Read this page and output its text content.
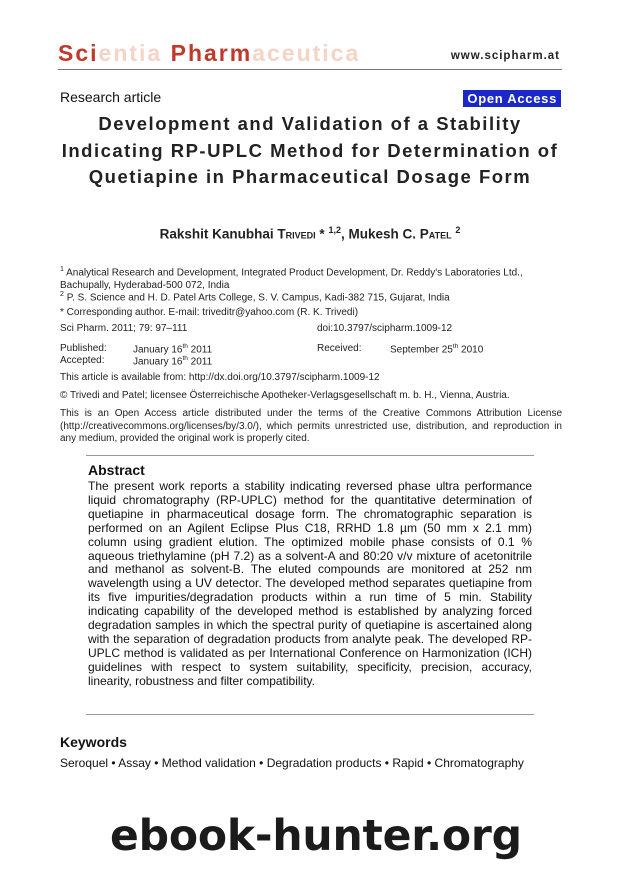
Scientia Pharmaceutica	www.scipharm.at
Research article	Open Access
Development and Validation of a Stability Indicating RP-UPLC Method for Determination of Quetiapine in Pharmaceutical Dosage Form
Rakshit Kanubhai Trivedi * $^{1,2}$, Mukesh C. Patel $^2$
$^1$ Analytical Research and Development, Integrated Product Development, Dr. Reddy's Laboratories Ltd., Bachupally, Hyderabad-500 072, India
$^2$ P. S. Science and H. D. Patel Arts College, S. V. Campus, Kadi-382 715, Gujarat, India
* Corresponding author. E-mail: triveditr@yahoo.com (R. K. Trivedi)
Sci Pharm. 2011; 79: 97–111	doi:10.3797/scipharm.1009-12
Published:	January 16th 2011	Received:	September 25th 2010
Accepted:	January 16th 2011
This article is available from: http://dx.doi.org/10.3797/scipharm.1009-12
© Trivedi and Patel; licensee Österreichische Apotheker-Verlagsgesellschaft m. b. H., Vienna, Austria.
This is an Open Access article distributed under the terms of the Creative Commons Attribution License (http://creativecommons.org/licenses/by/3.0/), which permits unrestricted use, distribution, and reproduction in any medium, provided the original work is properly cited.
Abstract
The present work reports a stability indicating reversed phase ultra performance liquid chromatography (RP-UPLC) method for the quantitative determination of quetiapine in pharmaceutical dosage form. The chromatographic separation is performed on an Agilent Eclipse Plus C18, RRHD 1.8 µm (50 mm x 2.1 mm) column using gradient elution. The optimized mobile phase consists of 0.1 % aqueous triethylamine (pH 7.2) as a solvent-A and 80:20 v/v mixture of acetonitrile and methanol as solvent-B. The eluted compounds are monitored at 252 nm wavelength using a UV detector. The developed method separates quetiapine from its five impurities/degradation products within a run time of 5 min. Stability indicating capability of the developed method is established by analyzing forced degradation samples in which the spectral purity of quetiapine is ascertained along with the separation of degradation products from analyte peak. The developed RP-UPLC method is validated as per International Conference on Harmonization (ICH) guidelines with respect to system suitability, specificity, precision, accuracy, linearity, robustness and filter compatibility.
Keywords
Seroquel • Assay • Method validation • Degradation products • Rapid • Chromatography
ebook-hunter.org
